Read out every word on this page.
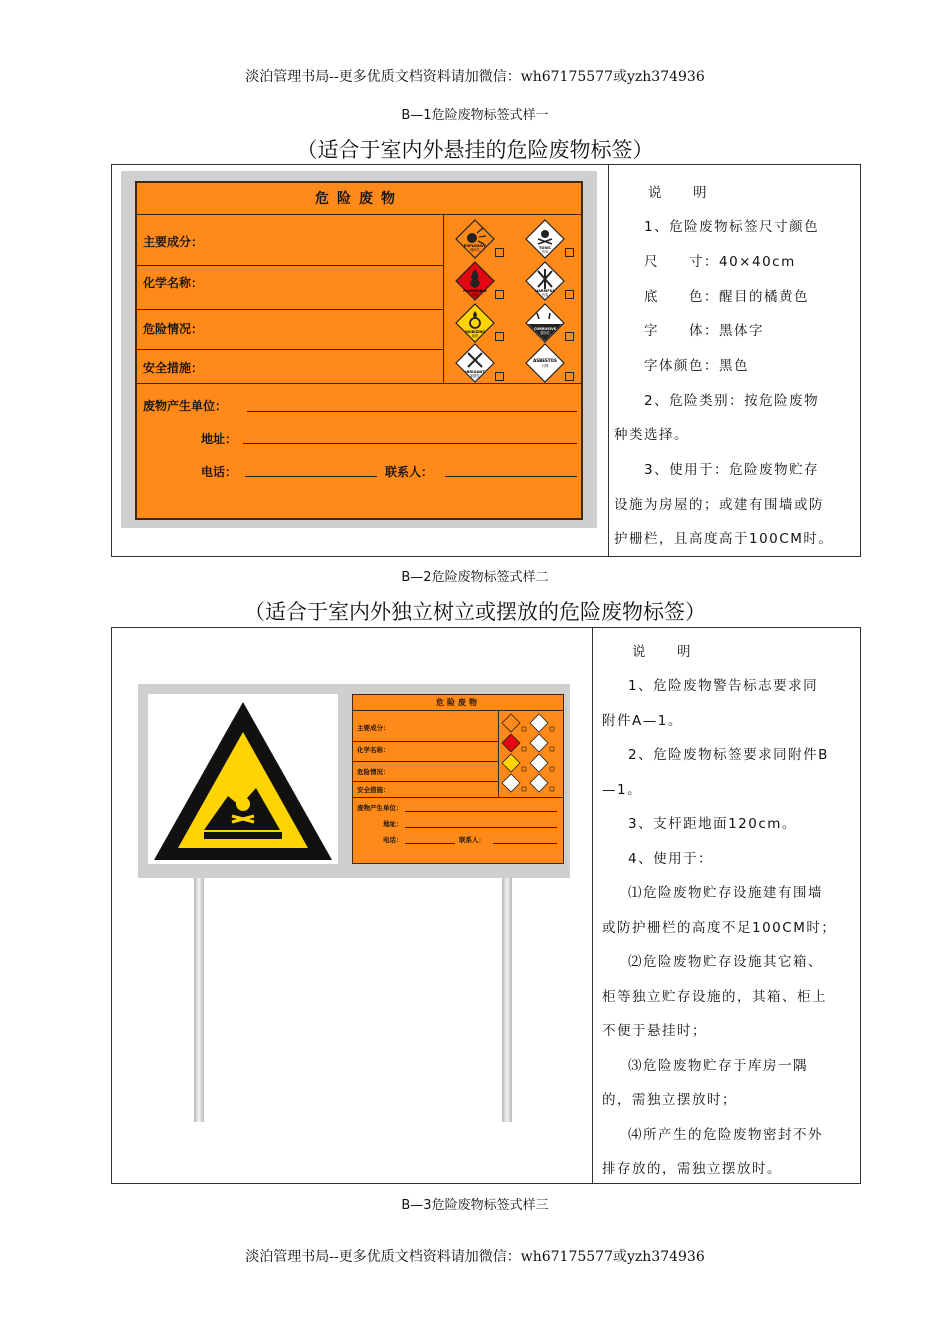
淡泊管理书局--更多优质文档资料请加微信：wh67175577或yzh374936
B—1危险废物标签式样一
（适合于室内外悬挂的危险废物标签）
危险废物
主要成分：
化学名称：
危险情况：
安全措施：
废物产生单位：
地址：
电话：	联系人：
EXPLOSIVE
爆炸性	TOXIC
有毒
FLAMMABLE
易燃
HARMFUL
有害
OXIDIZING
助燃
CORROSIVE
腐蚀性
IRRIGANT
刺激性
ASBESTOS
石棉

说　　明

1、危险废物标签尺寸颜色

尺　　寸：40×40cm

底　　色：醒目的橘黄色

字　　体：黑体字

字体颜色：黑色

2、危险类别：按危险废物

种类选择。

3、使用于：危险废物贮存

设施为房屋的；或建有围墙或防

护栅栏，且高度高于100CM时。

B—2危险废物标签式样二
（适合于室内外独立树立或摆放的危险废物标签）
危险废物
主要成分：
化学名称：
危险情况：
安全措施：
废物产生单位：
地址：
电话：	联系人：

说　　明

1、危险废物警告标志要求同

附件A—1。

2、危险废物标签要求同附件B

—1。

3、支杆距地面120cm。

4、使用于：

⑴危险废物贮存设施建有围墙

或防护栅栏的高度不足100CM时；

⑵危险废物贮存设施其它箱、

柜等独立贮存设施的，其箱、柜上

不便于悬挂时；

⑶危险废物贮存于库房一隅

的，需独立摆放时；

⑷所产生的危险废物密封不外

排存放的，需独立摆放时。

B—3危险废物标签式样三
淡泊管理书局--更多优质文档资料请加微信：wh67175577或yzh374936
